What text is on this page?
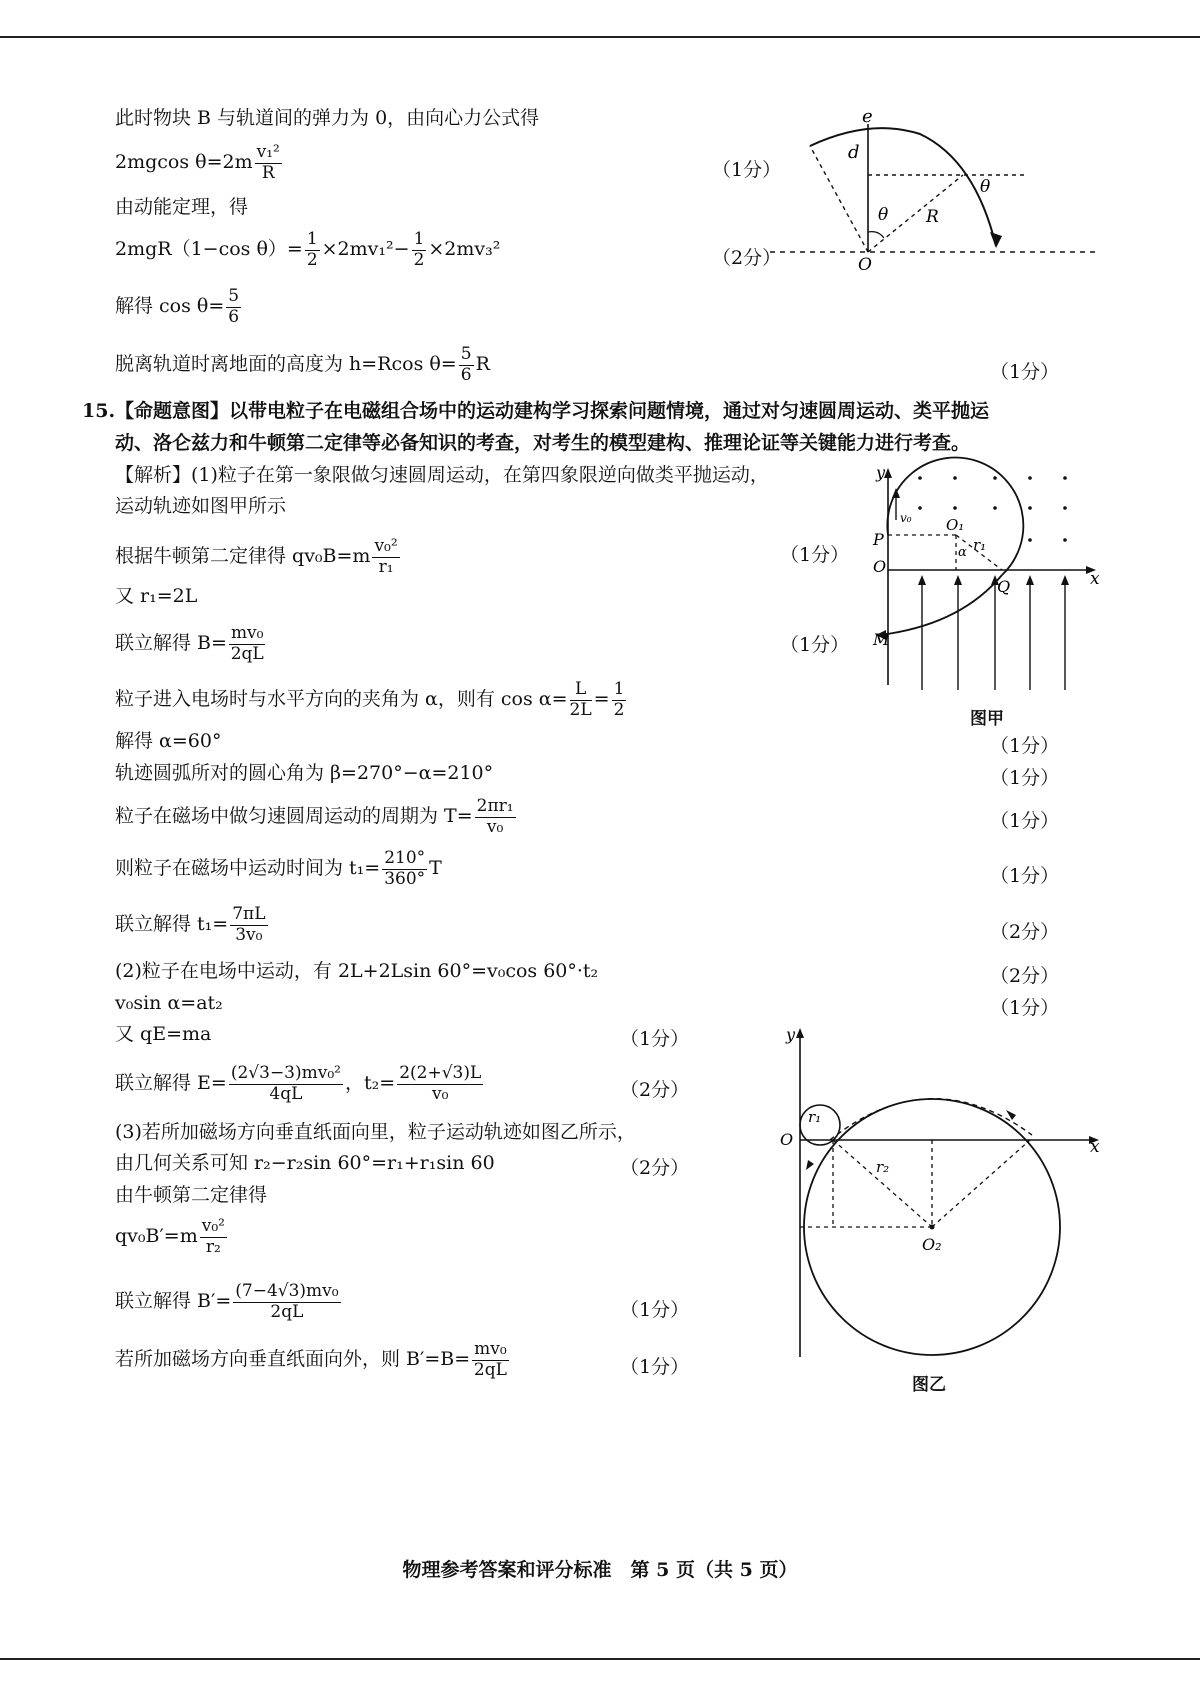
此时物块 B 与轨道间的弹力为 0，由向心力公式得
2mgcos $\theta=2m \frac{\text{v₁²}}{R}$	（1分）
由动能定理，得
2mgR（1−cos $\theta)= \frac{1}{2} \times 2mv_1^2- \frac{1}{2} \times 2mv_3^2$	（2分）
解得 $\cos \theta= \frac{5}{6}$
脱离轨道时离地面的高度为 h=Rcos $\theta= \frac{5}{6}$ R	（1分）
e
d
θ
θ
R
O
15.【命题意图】以带电粒子在电磁组合场中的运动建构学习探索问题情境，通过对匀速圆周运动、类平抛运
动、洛仑兹力和牛顿第二定律等必备知识的考查，对考生的模型建构、推理论证等关键能力进行考查。
【解析】(1)粒子在第一象限做匀速圆周运动，在第四象限逆向做类平抛运动，
运动轨迹如图甲所示
根据牛顿第二定律得 $qv_0B=m \frac{\text{v₀²}}{\text{r₁}}$	（1分）
又 r₁=2L
联立解得 $B= \frac{\text{mv₀}}{2qL}$	（1分）
粒子进入电场时与水平方向的夹角为 α，则有 $\cos \alpha= \frac{L}{2L} = \frac{1}{2}$
解得 α=60°	（1分）
轨迹圆弧所对的圆心角为 β=270°−α=210°	（1分）
粒子在磁场中做匀速圆周运动的周期为 $T= \frac{\text{2πr₁}}{\text{v₀}}$	（1分）
则粒子在磁场中运动时间为 $t_1= \frac{210^\circ}{360^\circ}$ T	（1分）
联立解得 $t_1= \frac{7\pi L}{\text{3v₀}}$	（2分）
(2)粒子在电场中运动，有 2L+2Lsin 60°=v₀cos 60°·t₂	（2分）
v₀sin α=at₂	（1分）
又 qE=ma	（1分）
联立解得 $E= \frac{\text{(2√3−3)mv₀²}}{4qL}$ ，$t_2= \frac{2(2+√3)L}{\text{v₀}}$	（2分）
(3)若所加磁场方向垂直纸面向里，粒子运动轨迹如图乙所示，
由几何关系可知 r₂−r₂sin 60°=r₁+r₁sin 60	（2分）
由牛顿第二定律得
$qv_0B'=m \frac{\text{v₀²}}{\text{r₂}}$
联立解得 $B'= \frac{\text{(7−4√3)mv₀}}{2qL}$	（1分）
若所加磁场方向垂直纸面向外，则 $B'=B= \frac{\text{mv₀}}{2qL}$	（1分）
y
x
v₀
P
O
O₁
r₁
α
Q
M
图甲
y
x
O
r₁
r₂
O₂
图乙
物理参考答案和评分标准　第 5 页（共 5 页）
